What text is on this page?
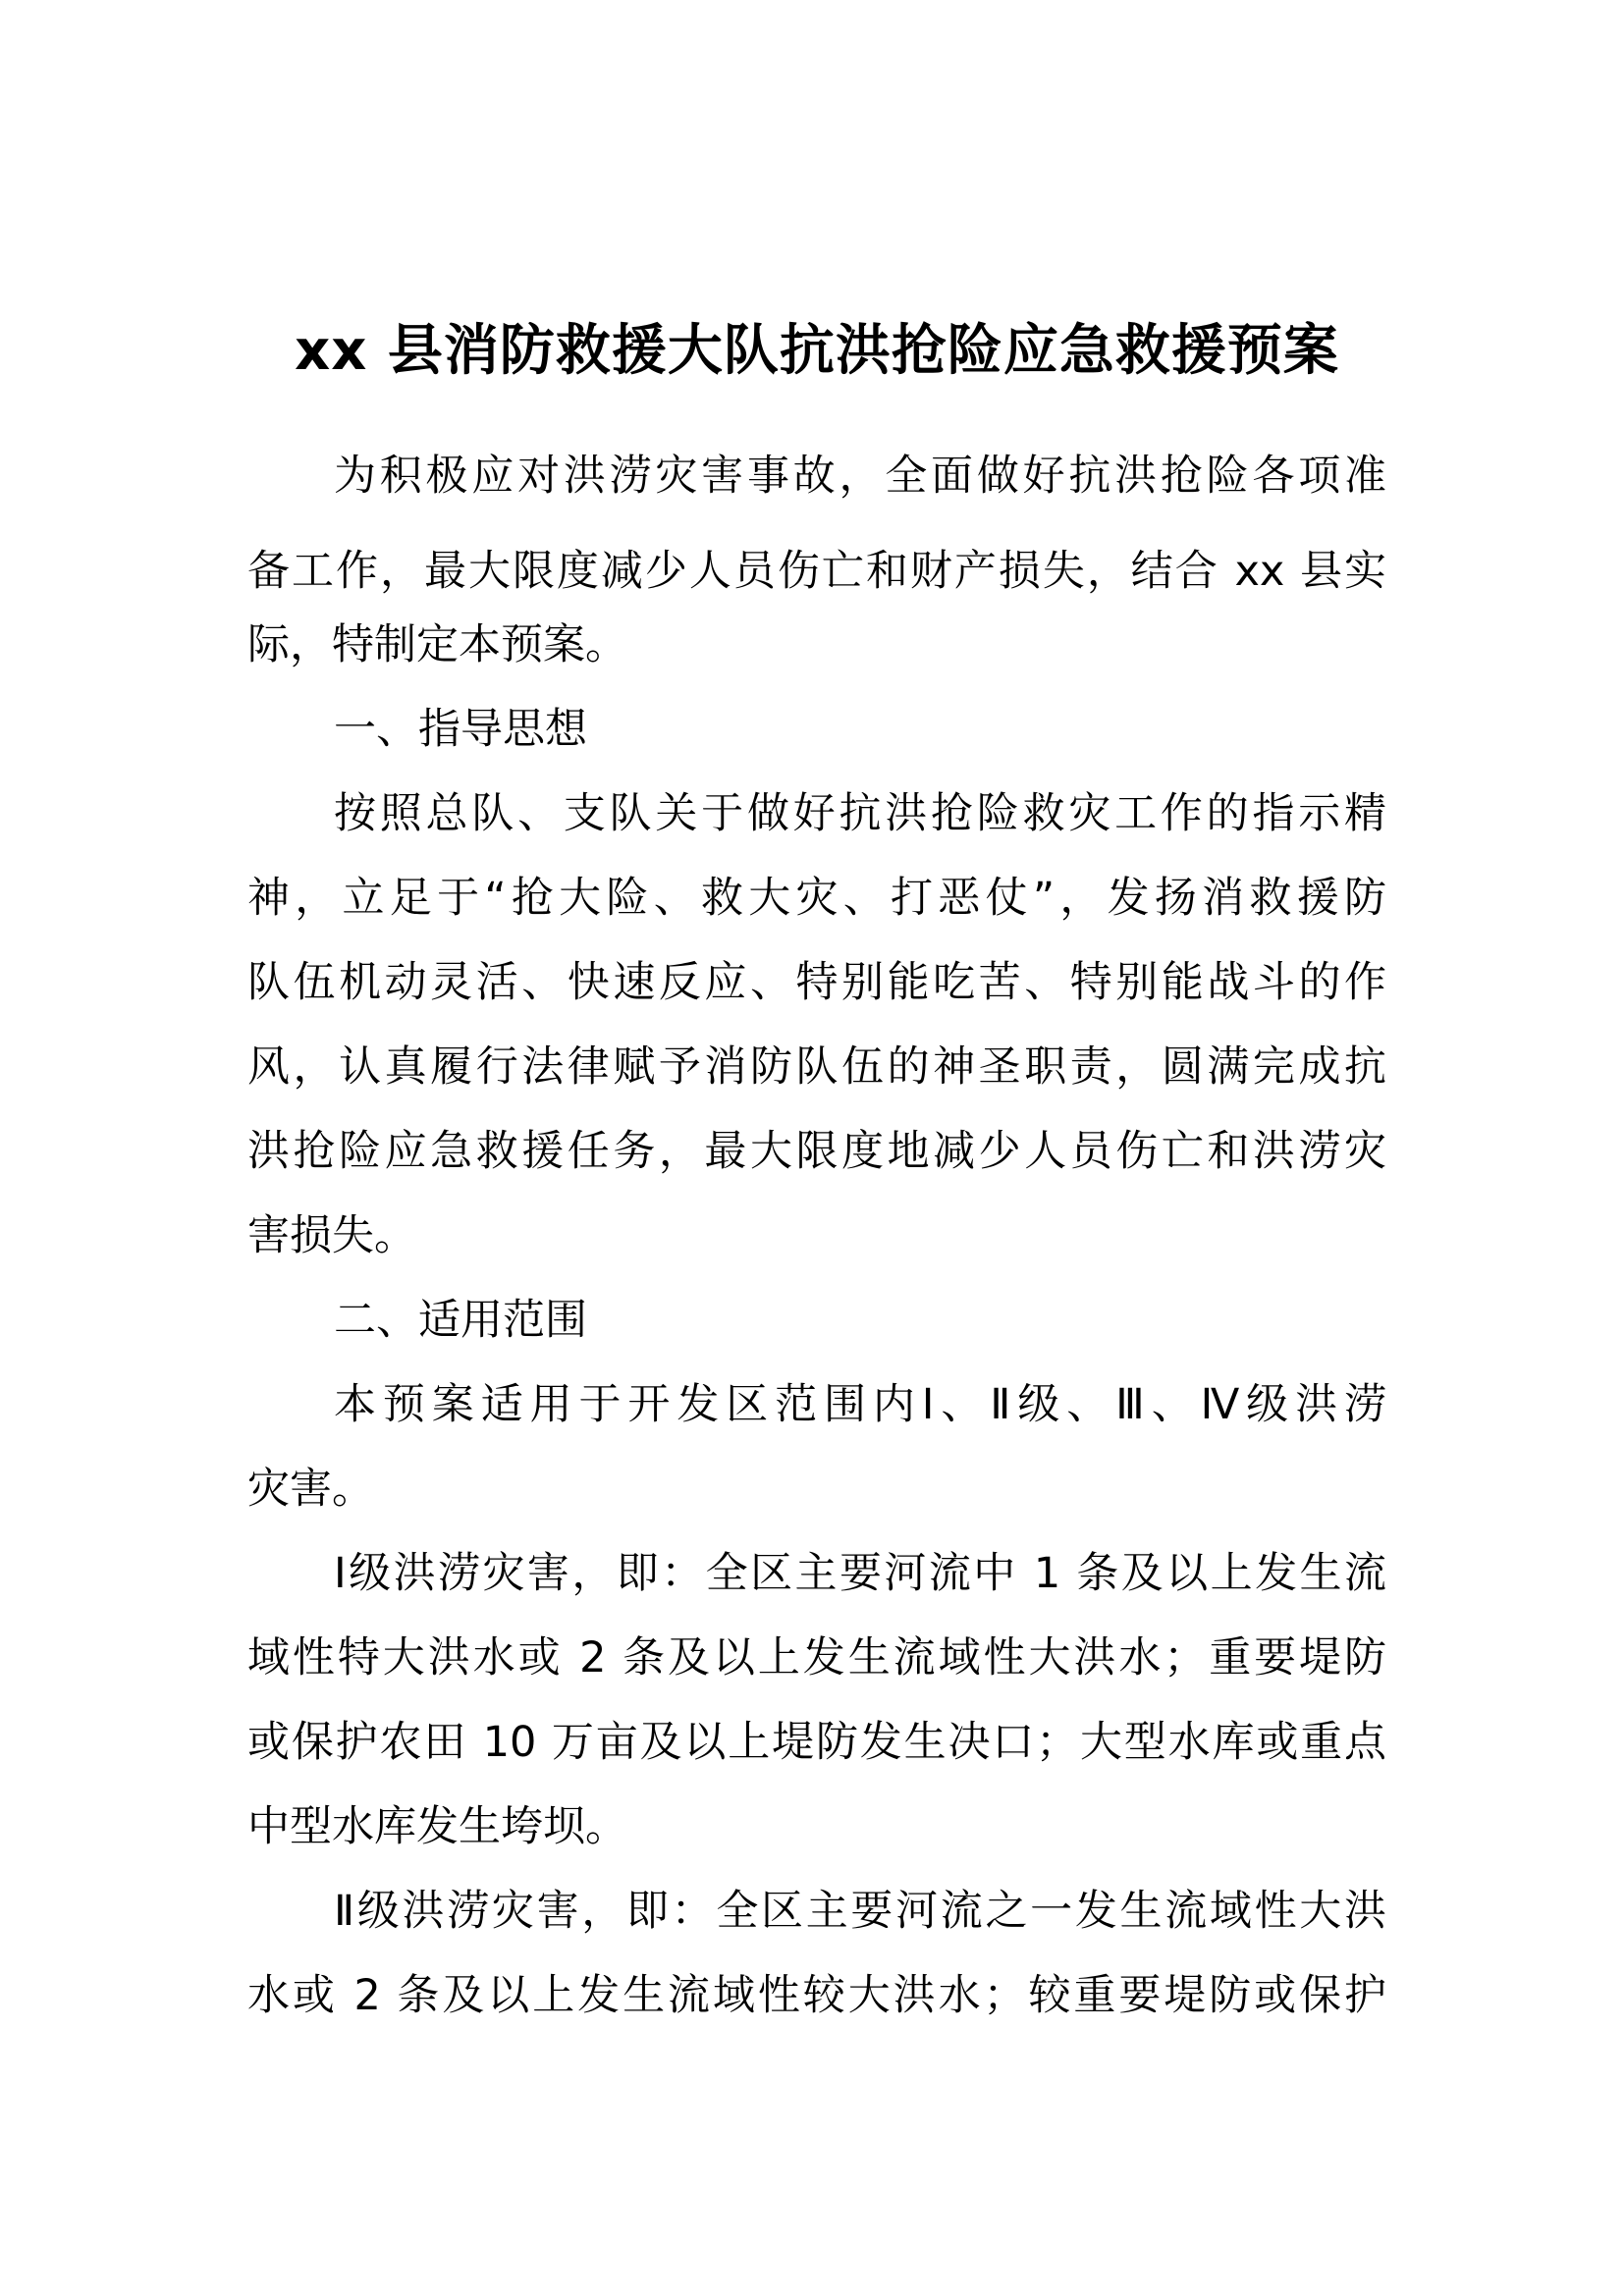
xx 县消防救援大队抗洪抢险应急救援预案

为积极应对洪涝灾害事故，全面做好抗洪抢险各项准

备工作，最大限度减少人员伤亡和财产损失，结合 xx 县实

际，特制定本预案。

一、指导思想

按照总队、支队关于做好抗洪抢险救灾工作的指示精

神，立足于“抢大险、救大灾、打恶仗”，发扬消救援防

队伍机动灵活、快速反应、特别能吃苦、特别能战斗的作

风，认真履行法律赋予消防队伍的神圣职责，圆满完成抗

洪抢险应急救援任务，最大限度地减少人员伤亡和洪涝灾

害损失。

二、适用范围

本预案适用于开发区范围内Ⅰ、Ⅱ级、Ⅲ、Ⅳ级洪涝

灾害。

Ⅰ级洪涝灾害，即：全区主要河流中 1 条及以上发生流

域性特大洪水或 2 条及以上发生流域性大洪水；重要堤防

或保护农田 10 万亩及以上堤防发生决口；大型水库或重点

中型水库发生垮坝。

Ⅱ级洪涝灾害，即：全区主要河流之一发生流域性大洪

水或 2 条及以上发生流域性较大洪水；较重要堤防或保护
